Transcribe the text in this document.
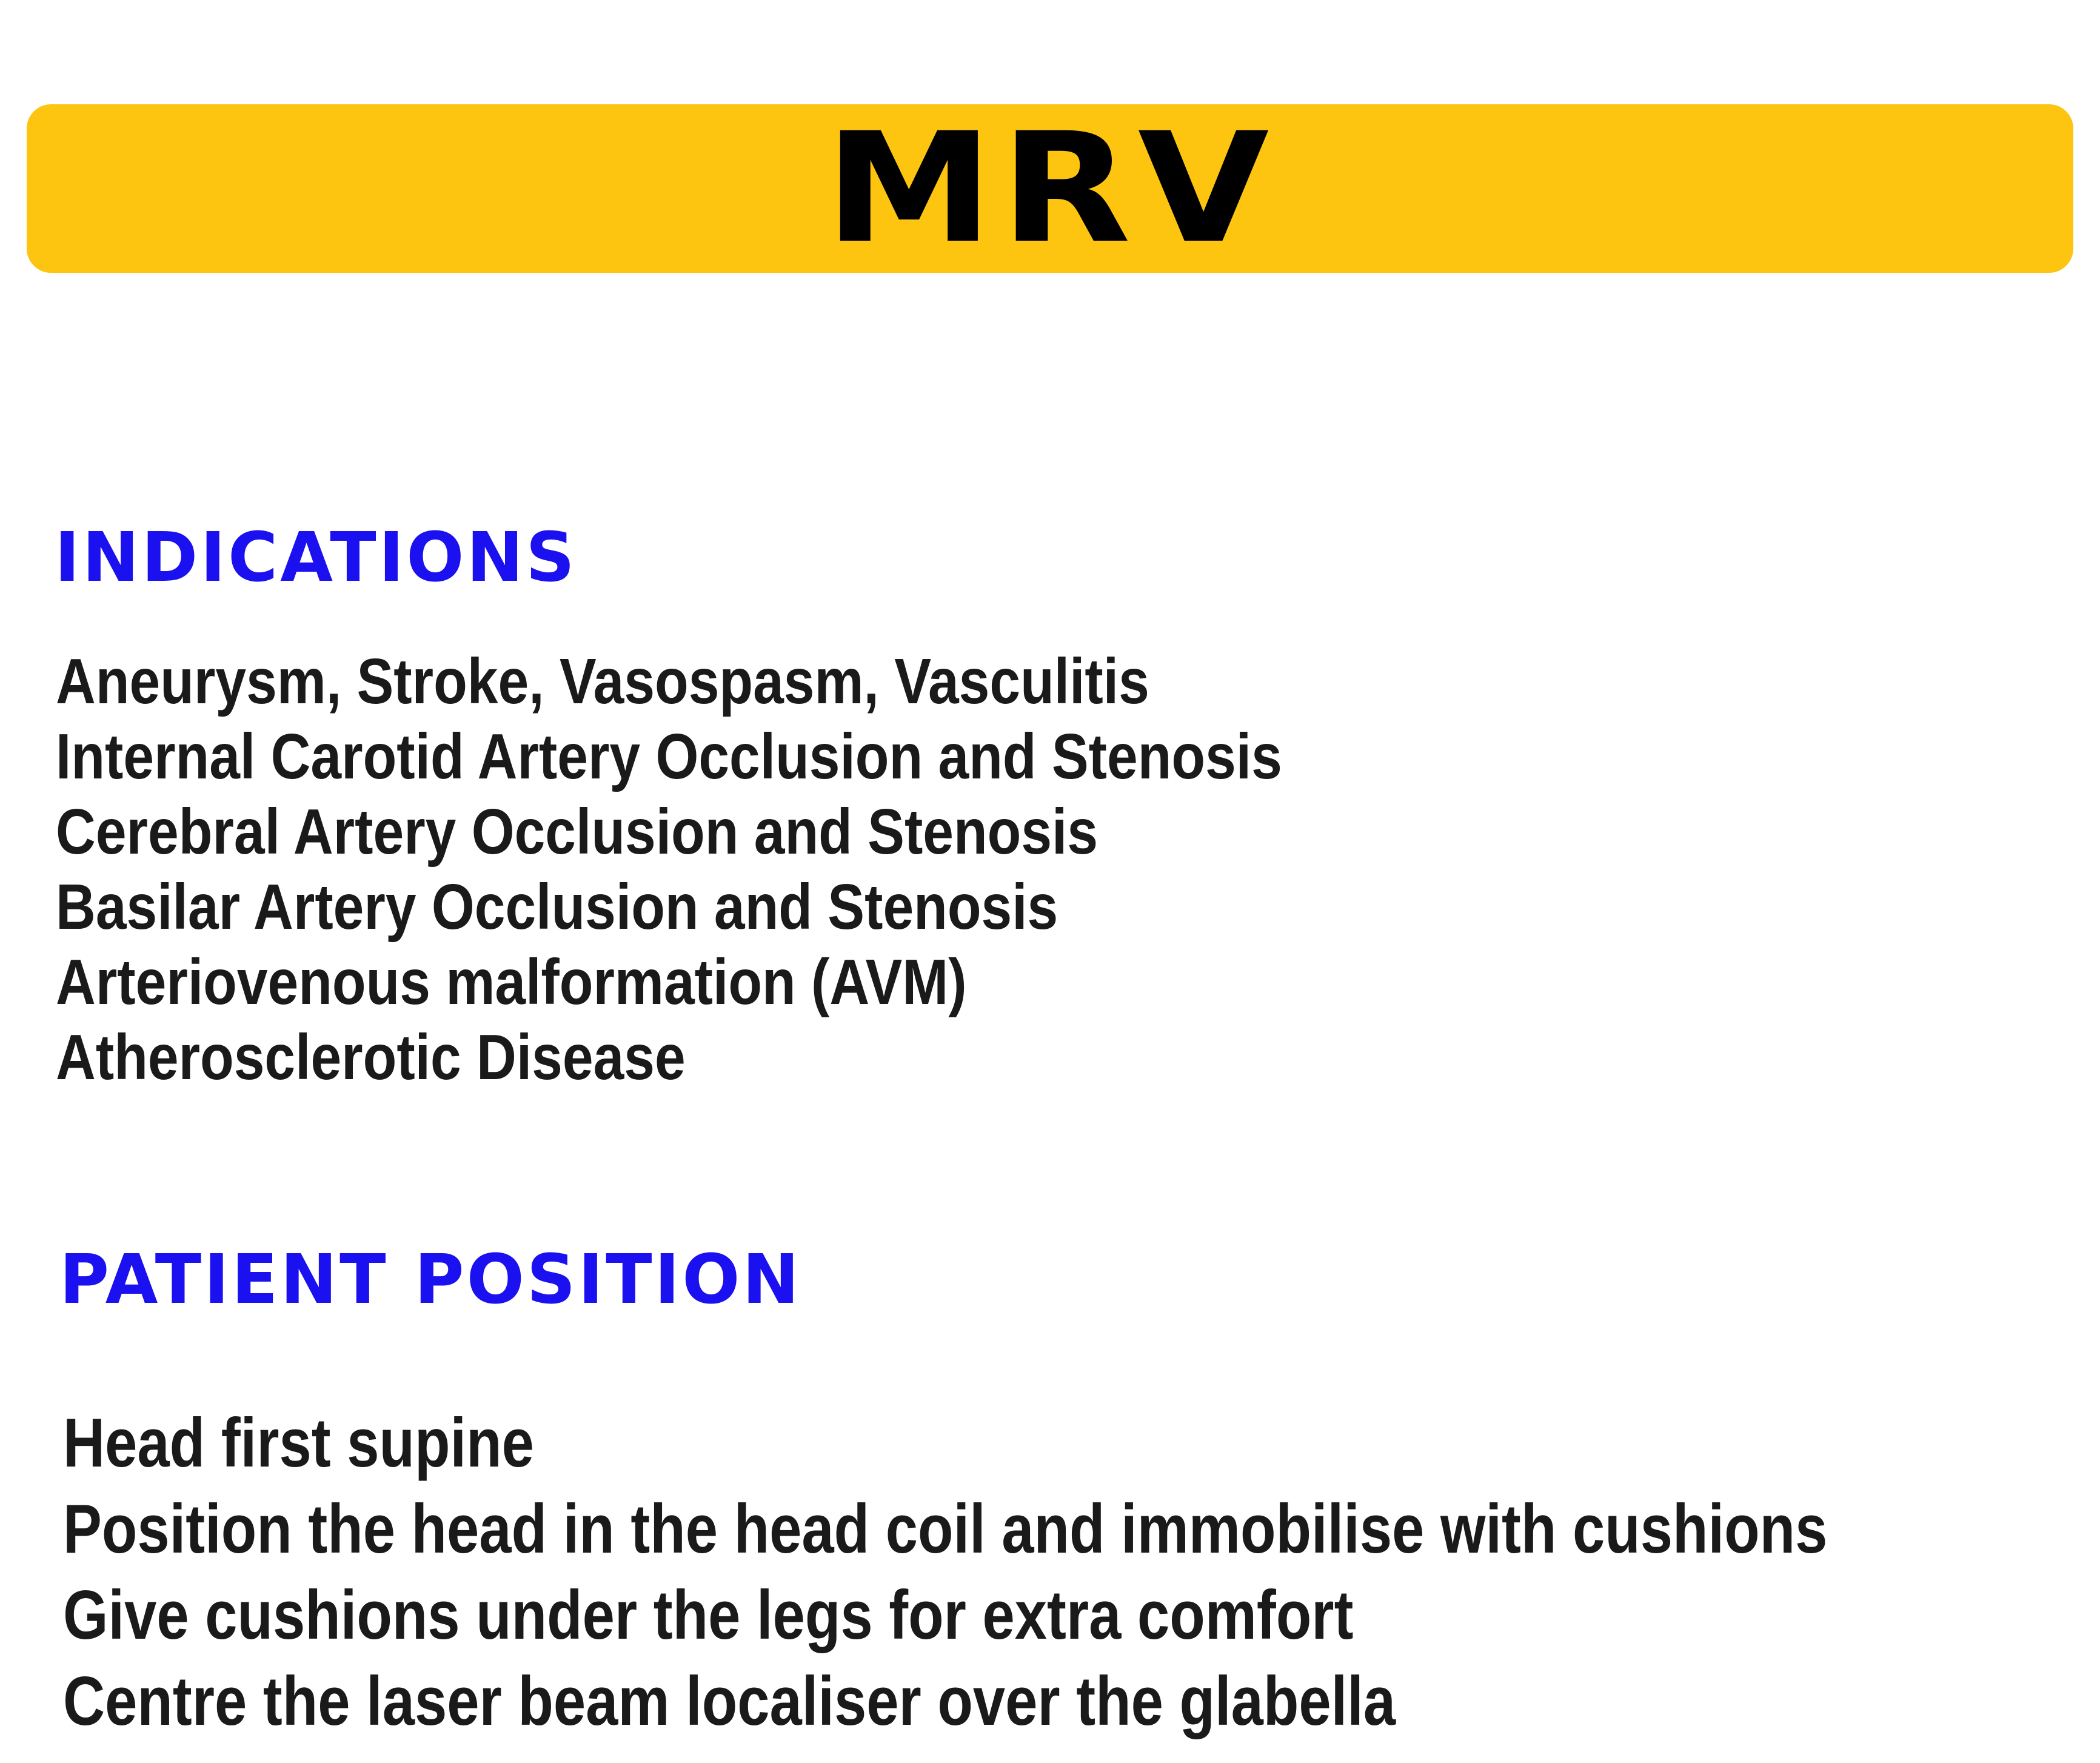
MRV
INDICATIONS
Aneurysm, Stroke, Vasospasm, Vasculitis
Internal Carotid Artery Occlusion and Stenosis
Cerebral Artery Occlusion and Stenosis
Basilar Artery Occlusion and Stenosis
Arteriovenous malformation (AVM)
Atherosclerotic Disease
PATIENT POSITION
Head first supine
Position the head in the head coil and immobilise with cushions
Give cushions under the legs for extra comfort
Centre the laser beam localiser over the glabella
